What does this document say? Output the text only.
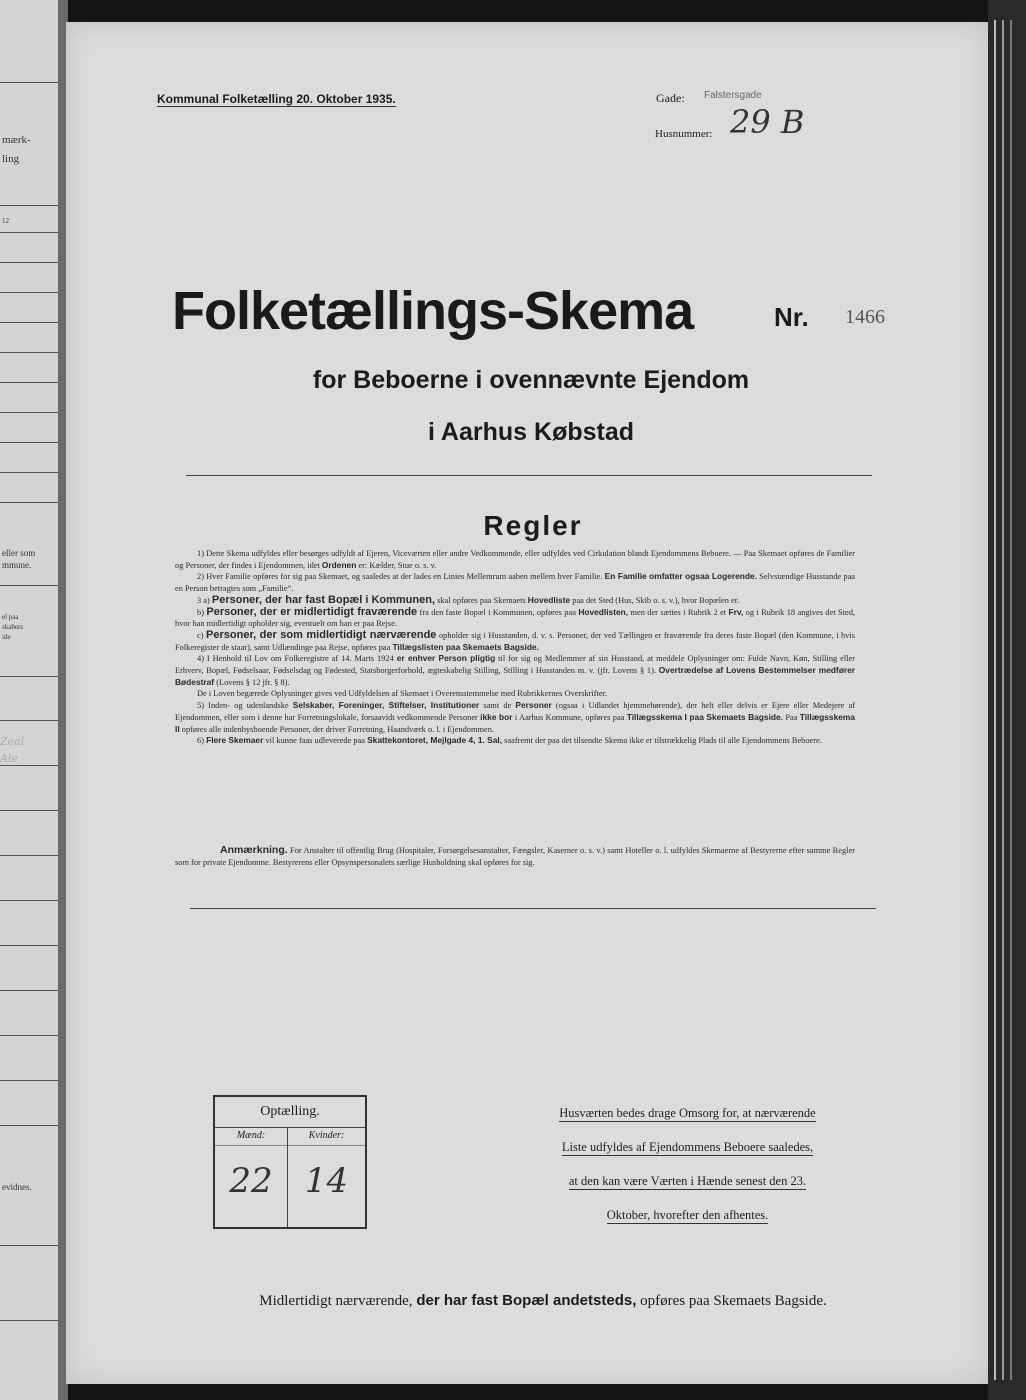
mærk-
ling
12
eller som
mmune.
el paa
skabers
ide
evidnes.
Kommunal Folketælling 20. Oktober 1935.	Gade: Falstersgade
Husnummer: 29 B
Folketællings-Skema	Nr. 1466
for Beboerne i ovennævnte Ejendom
i Aarhus Købstad
Regler

1) Dette Skema udfyldes eller besørges udfyldt af Ejeren, Viceværten eller andre Vedkommende, eller udfyldes ved Cirkulation blandt Ejendommens Beboere. — Paa Skemaet opføres de Familier og Personer, der findes i Ejendommen, idet Ordenen er: Kælder, Stue o. s. v.

2) Hver Familie opføres for sig paa Skemaet, og saaledes at der lades en Linies Mellemrum aaben mellem hver Familie. En Familie omfatter ogsaa Logerende. Selvstændige Husstande paa en Person betragtes som „Familie“.

3 a) Personer, der har fast Bopæl i Kommunen, skal opføres paa Skemaets Hovedliste paa det Sted (Hus, Skib o. s. v.), hvor Bopælen er.

b) Personer, der er midlertidigt fraværende fra den faste Bopæl i Kommunen, opføres paa Hovedlisten, men der sættes i Rubrik 2 et Frv, og i Rubrik 18 angives det Sted, hvor han midlertidigt opholder sig, eventuelt om han er paa Rejse.

c) Personer, der som midlertidigt nærværende opholder sig i Husstanden, d. v. s. Personer, der ved Tællingen er fraværende fra deres faste Bopæl (den Kommune, i hvis Folkeregister de staar), samt Udlændinge paa Rejse, opføres paa Tillægslisten paa Skemaets Bagside.

4) I Henhold til Lov om Folkeregistre af 14. Marts 1924 er enhver Person pligtig til for sig og Medlemmer af sin Husstand, at meddele Oplysninger om: Fulde Navn, Køn, Stilling eller Erhverv, Bopæl, Fødselsaar, Fødselsdag og Fødested, Statsborgerforhold, ægteskabelig Stilling, Stilling i Husstanden m. v. (jfr. Lovens § 1). Overtrædelse af Lovens Bestemmelser medfører Bødestraf (Lovens § 12 jfr. § 8).

De i Loven begærede Oplysninger gives ved Udfyldelsen af Skemaet i Overensstemmelse med Rubrikkernes Overskrifter.

5) Inden- og udenlandske Selskaber, Foreninger, Stiftelser, Institutioner samt de Personer (ogsaa i Udlandet hjemmehørende), der helt eller delvis er Ejere eller Medejere af Ejendommen, eller som i denne har Forretningslokale, forsaavidt vedkommende Personer ikke bor i Aarhus Kommune, opføres paa Tillægsskema I paa Skemaets Bagside. Paa Tillægsskema II opføres alle indenbysboende Personer, der driver Forretning, Haandværk o. l. i Ejendommen.

6) Flere Skemaer vil kunne faas udleverede paa Skattekontoret, Mejlgade 4, 1. Sal, saafremt der paa det tilsendte Skema ikke er tilstrækkelig Plads til alle Ejendommens Beboere.

Anmærkning. For Anstalter til offentlig Brug (Hospitaler, Forsørgelsesanstalter, Fængsler, Kaserner o. s. v.) samt Hoteller o. l. udfyldes Skemaerne af Bestyrerne efter samme Regler som for private Ejendomme. Bestyrerens eller Opsynspersonalets særlige Husholdning skal opføres for sig.

Optælling.
Mænd:
22
Kvinder:
14
Husværten bedes drage Omsorg for, at nærværende
Liste udfyldes af Ejendommens Beboere saaledes,
at den kan være Værten i Hænde senest den 23.
Oktober, hvorefter den afhentes.
Midlertidigt nærværende, der har fast Bopæl andetsteds, opføres paa Skemaets Bagside.
Zeal
Ale
